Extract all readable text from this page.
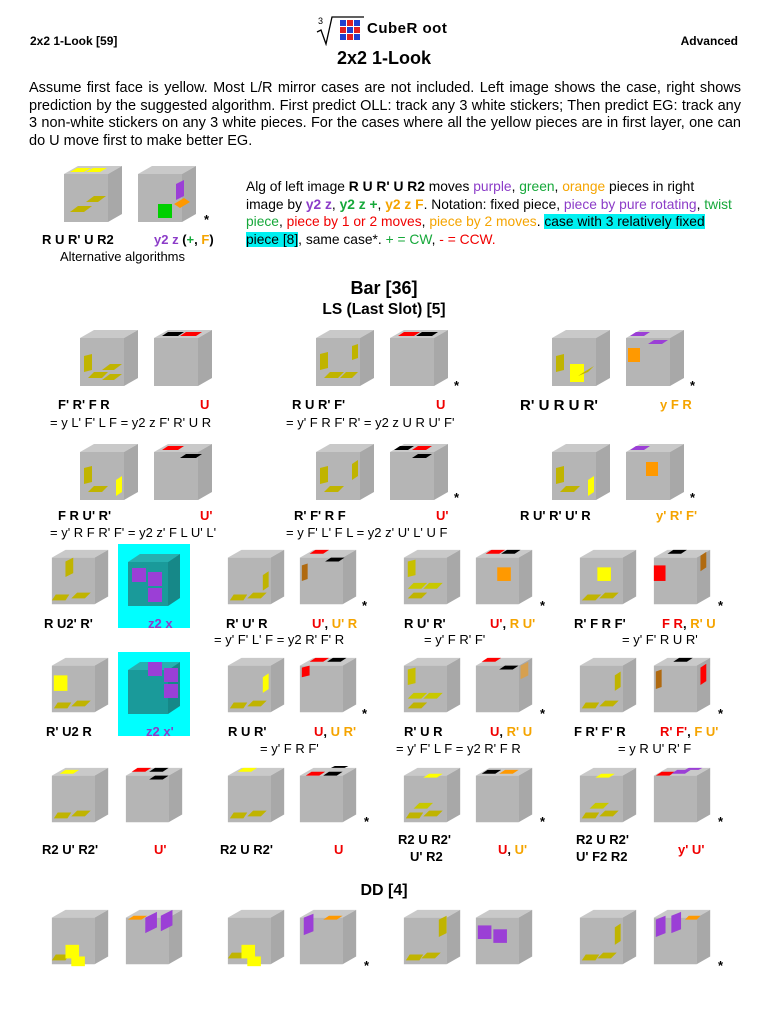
2x2 1-Look [59]	Advanced
3	CubeR oot
2x2 1-Look
Assume first face is yellow. Most L/R mirror cases are not included. Left image shows the case, right shows prediction by the suggested algorithm. First predict OLL: track any 3 white stickers; Then predict EG: track any 3 non-white stickers on any 3 white pieces. For the cases where all the yellow pieces are in first layer, one can do U move first to make better EG.
*
R U R' U R2	y2 z (+, F)
Alternative algorithms
Alg of left image R U R' U R2 moves purple, green, orange pieces in right image by y2 z, y2 z +, y2 z F. Notation: fixed piece, piece by pure rotating, twist piece, piece by 1 or 2 moves, piece by 2 moves. case with 3 relatively fixed piece [8], same case*. + = CW, - = CCW.
Bar [36]
LS (Last Slot) [5]
DD [4]
F' R' F R	U
= y L' F' L F = y2 z F' R' U R
*
R U R' F'	U
= y' F R F' R' = y2 z U R U' F'
*
R' U R U R'	y F R
F R U' R'	U'
= y' R F R' F' = y2 z' F L U' L'
*
R' F' R F	U'
= y F' L' F L = y2 z' U' L' U F
*
R U' R' U' R	y' R' F'
R U2' R'	z2 x
*
R' U' R	U', U' R
= y' F' L' F = y2 R' F' R
*
R U' R'	U', R U'
= y' F R' F'
*
R' F R F'	F R, R' U
= y' F' R U R'
R' U2 R	z2 x'
*
R U R'	U, U R'
= y' F R F'
*
R' U R	U, R' U
= y' F' L F = y2 R' F R
*
F R' F' R	R' F', F U'
= y R U' R' F
R2 U' R2'	U'
*
R2 U R2'	U
*
R2 U R2'
U' R2	U, U'
*
R2 U R2'
U' F2 R2	y' U'
*	*
